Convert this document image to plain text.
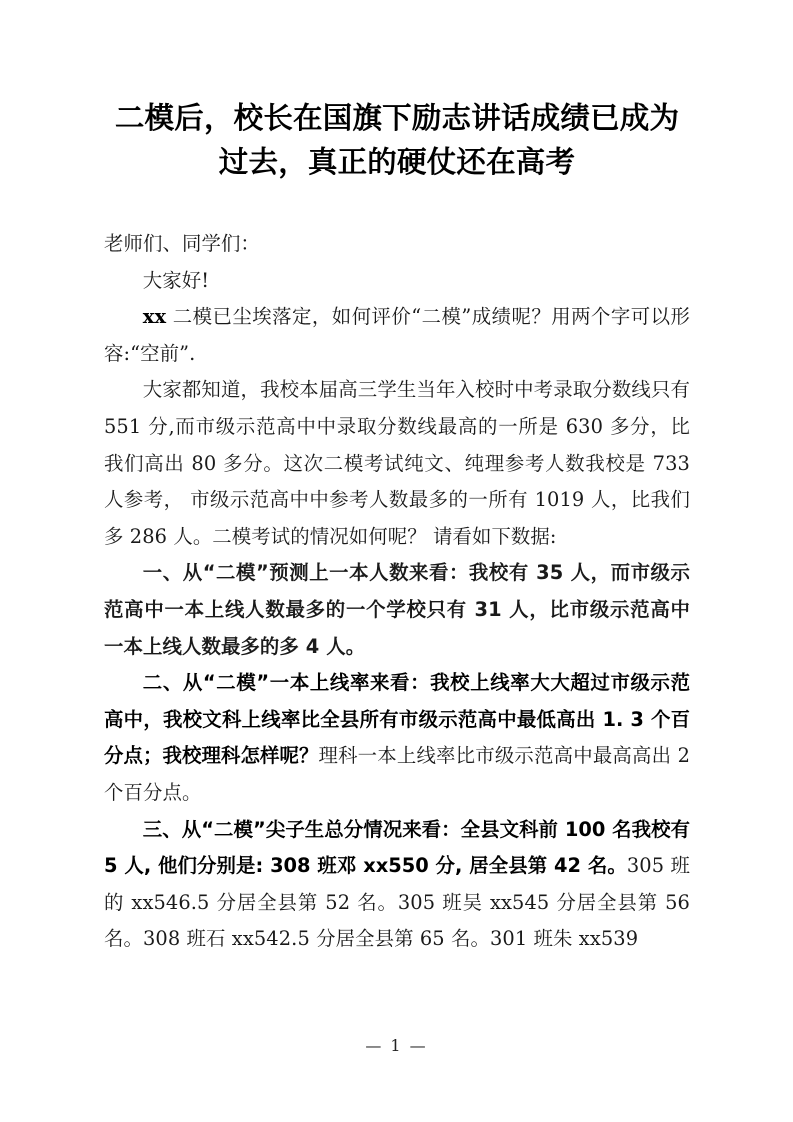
二模后，校长在国旗下励志讲话成绩已成为过去，真正的硬仗还在高考

老师们、同学们：

大家好!

xx 二模已尘埃落定，如何评价“二模”成绩呢？用两个字可以形容:“空前”.

大家都知道，我校本届高三学生当年入校时中考录取分数线只有 551 分,而市级示范高中中录取分数线最高的一所是 630 多分，比我们高出 80 多分。这次二模考试纯文、纯理参考人数我校是 733 人参考， 市级示范高中中参考人数最多的一所有 1019 人，比我们多 286 人。二模考试的情况如何呢？ 请看如下数据:

一、从“二模”预测上一本人数来看：我校有 35 人，而市级示范高中一本上线人数最多的一个学校只有 31 人，比市级示范高中一本上线人数最多的多 4 人。

二、从“二模”一本上线率来看：我校上线率大大超过市级示范高中，我校文科上线率比全县所有市级示范高中最低高出 1. 3 个百分点；我校理科怎样呢？理科一本上线率比市级示范高中最高高出 2 个百分点。

三、从“二模”尖子生总分情况来看：全县文科前 100 名我校有 5 人, 他们分别是: 308 班邓 xx550 分, 居全县第 42 名。305 班的 xx546.5 分居全县第 52 名。305 班吴 xx545 分居全县第 56 名。308 班石 xx542.5 分居全县第 65 名。301 班朱 xx539

— 1 —
